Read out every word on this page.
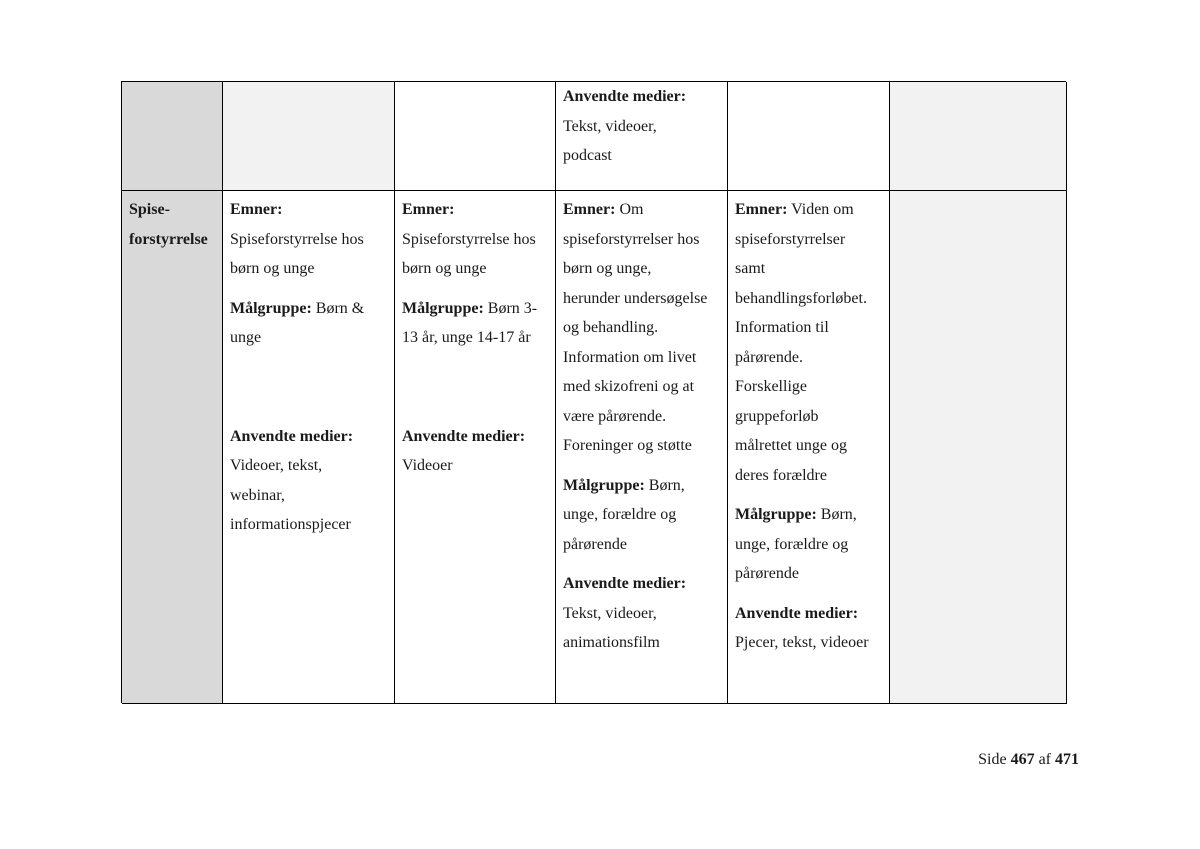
Anvendte medier:
Tekst, videoer,
podcast
Spise-
forstyrrelse
Emner:
Spiseforstyrrelse hos
børn og unge
Målgruppe: Børn &
unge
Anvendte medier:
Videoer, tekst,
webinar,
informationspjecer
Emner:
Spiseforstyrrelse hos
børn og unge
Målgruppe: Børn 3-
13 år, unge 14-17 år
Anvendte medier:
Videoer
Emner: Om
spiseforstyrrelser hos
børn og unge,
herunder undersøgelse
og behandling.
Information om livet
med skizofreni og at
være pårørende.
Foreninger og støtte
Målgruppe: Børn,
unge, forældre og
pårørende
Anvendte medier:
Tekst, videoer,
animationsfilm
Emner: Viden om
spiseforstyrrelser
samt
behandlingsforløbet.
Information til
pårørende.
Forskellige
gruppeforløb
målrettet unge og
deres forældre
Målgruppe: Børn,
unge, forældre og
pårørende
Anvendte medier:
Pjecer, tekst, videoer
Side 467 af 471
